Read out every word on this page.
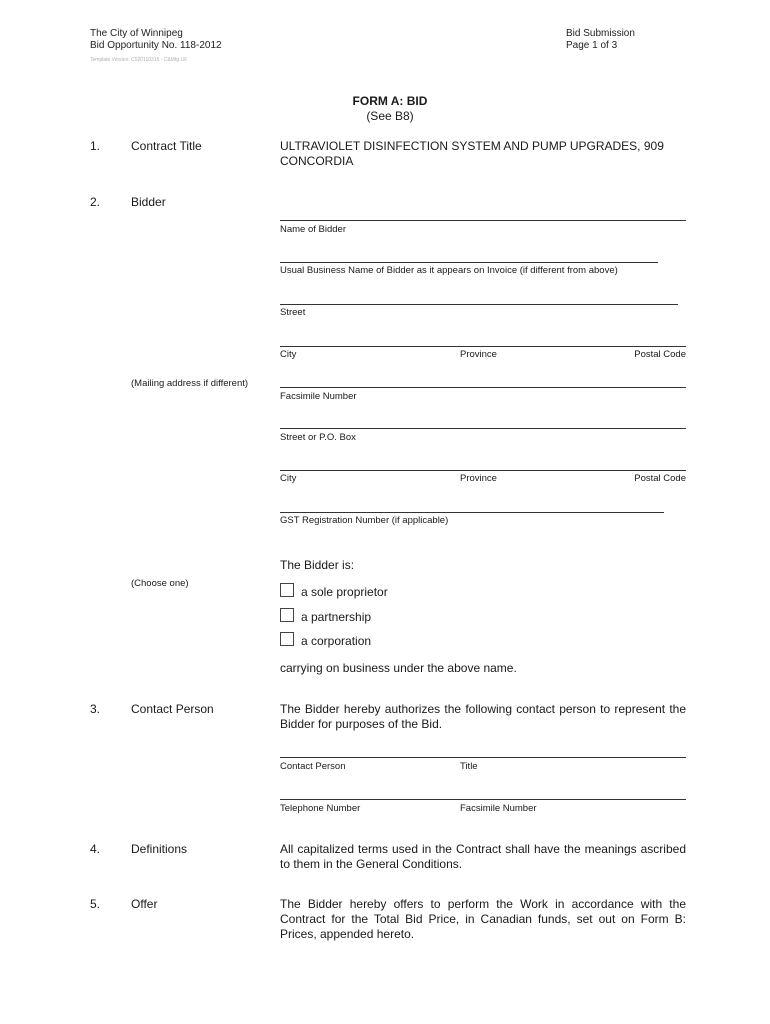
The City of Winnipeg
Bid Opportunity No. 118-2012
Bid Submission
Page 1 of 3
Template Version: C520110315 - C&Mtg LR
FORM A: BID
(See B8)
1.	Contract Title	ULTRAVIOLET DISINFECTION SYSTEM AND PUMP UPGRADES, 909 CONCORDIA
2.	Bidder
Name of Bidder
Usual Business Name of Bidder as it appears on Invoice (if different from above)
Street
City	Province	Postal Code
(Mailing address if different)
Facsimile Number
Street or P.O. Box
City	Province	Postal Code
GST Registration Number (if applicable)
The Bidder is:
(Choose one)
a sole proprietor
a partnership
a corporation
carrying on business under the above name.
3.	Contact Person	The Bidder hereby authorizes the following contact person to represent the Bidder for purposes of the Bid.
Contact Person	Title
Telephone Number	Facsimile Number
4.	Definitions	All capitalized terms used in the Contract shall have the meanings ascribed to them in the General Conditions.
5.	Offer	The Bidder hereby offers to perform the Work in accordance with the Contract for the Total Bid Price, in Canadian funds, set out on Form B: Prices, appended hereto.
